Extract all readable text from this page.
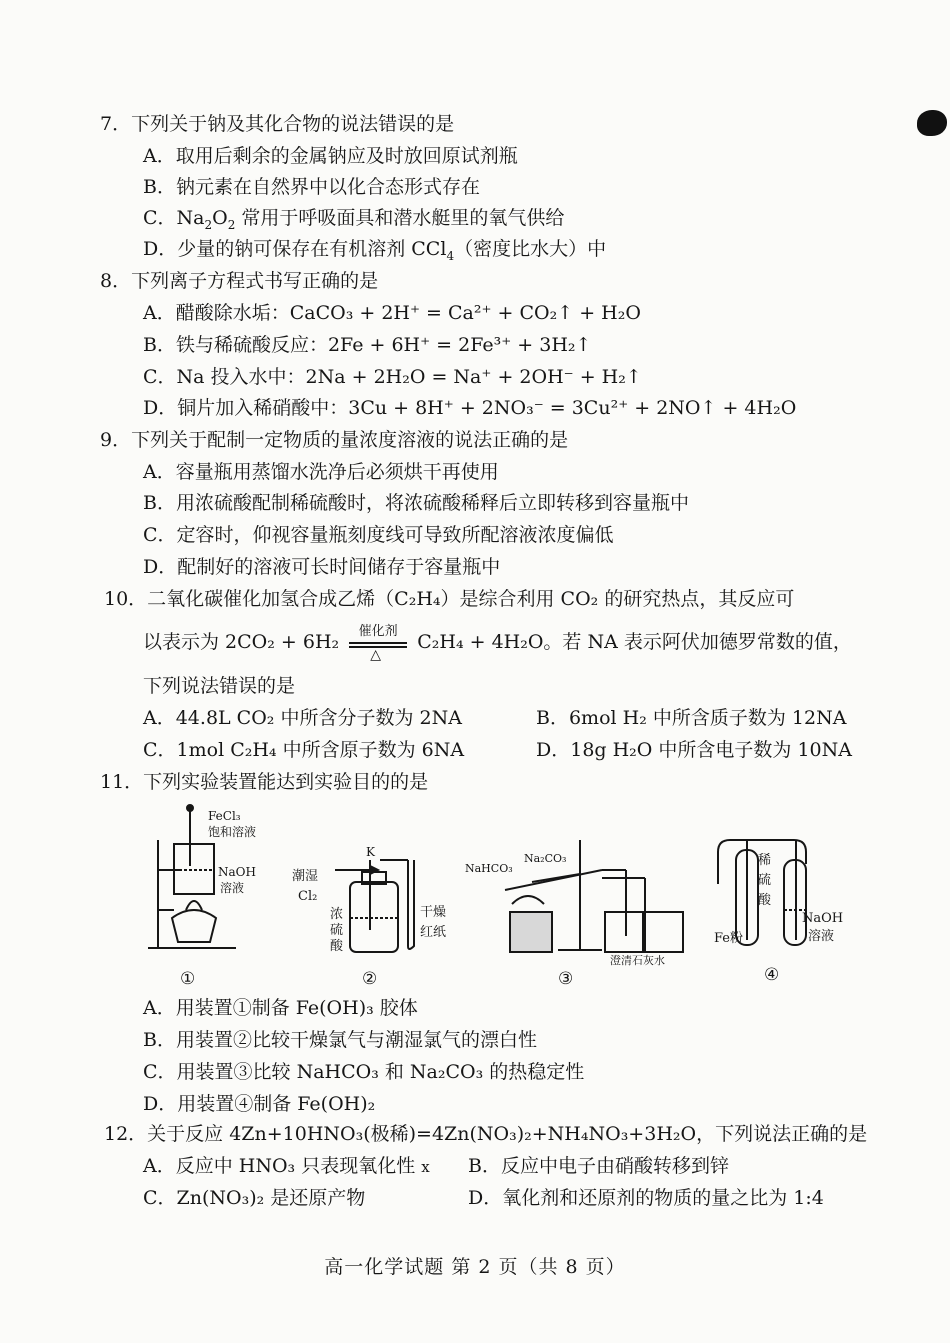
7．下列关于钠及其化合物的说法错误的是
A．取用后剩余的金属钠应及时放回原试剂瓶
B．钠元素在自然界中以化合态形式存在
C．$Na_2O_2$ 常用于呼吸面具和潜水艇里的氧气供给
D．少量的钠可保存在有机溶剂 CCl$_4$（密度比水大）中
8．下列离子方程式书写正确的是
A．醋酸除水垢：CaCO₃ + 2H⁺ = Ca²⁺ + CO₂↑ + H₂O
B．铁与稀硫酸反应：2Fe + 6H⁺ = 2Fe³⁺ + 3H₂↑
C．Na 投入水中：2Na + 2H₂O = Na⁺ + 2OH⁻ + H₂↑
D．铜片加入稀硝酸中：3Cu + 8H⁺ + 2NO₃⁻ = 3Cu²⁺ + 2NO↑ + 4H₂O
9．下列关于配制一定物质的量浓度溶液的说法正确的是
A．容量瓶用蒸馏水洗净后必须烘干再使用
B．用浓硫酸配制稀硫酸时，将浓硫酸稀释后立即转移到容量瓶中
C．定容时，仰视容量瓶刻度线可导致所配溶液浓度偏低
D．配制好的溶液可长时间储存于容量瓶中
10．二氧化碳催化加氢合成乙烯（C₂H₄）是综合利用 CO₂ 的研究热点，其反应可
以表示为 $2CO_2 + 6H_2 \frac{\text{催化剂}}{\triangle} C_2H_4 + 4H_2O$。若 NA 表示阿伏加德罗常数的值，
下列说法错误的是
A．44.8L CO₂ 中所含分子数为 2NA	B．6mol H₂ 中所含质子数为 12NA
C．1mol C₂H₄ 中所含原子数为 6NA	D．18g H₂O 中所含电子数为 10NA
11．下列实验装置能达到实验目的的是
FeCl₃
饱和溶液
NaOH
溶液
潮湿
Cl₂
K
浓
硫
酸
干燥
红纸
NaHCO₃
Na₂CO₃
澄清石灰水
稀
硫
酸
Fe粉
NaOH
溶液
①	②	③	④
A．用装置①制备 Fe(OH)₃ 胶体
B．用装置②比较干燥氯气与潮湿氯气的漂白性
C．用装置③比较 NaHCO₃ 和 Na₂CO₃ 的热稳定性
D．用装置④制备 Fe(OH)₂
12．关于反应 4Zn+10HNO₃(极稀)=4Zn(NO₃)₂+NH₄NO₃+3H₂O，下列说法正确的是
A．反应中 HNO₃ 只表现氧化性 x B．反应中电子由硝酸转移到锌
C．Zn(NO₃)₂ 是还原产物	D．氧化剂和还原剂的物质的量之比为 1:4
高一化学试题 第 2 页（共 8 页）
